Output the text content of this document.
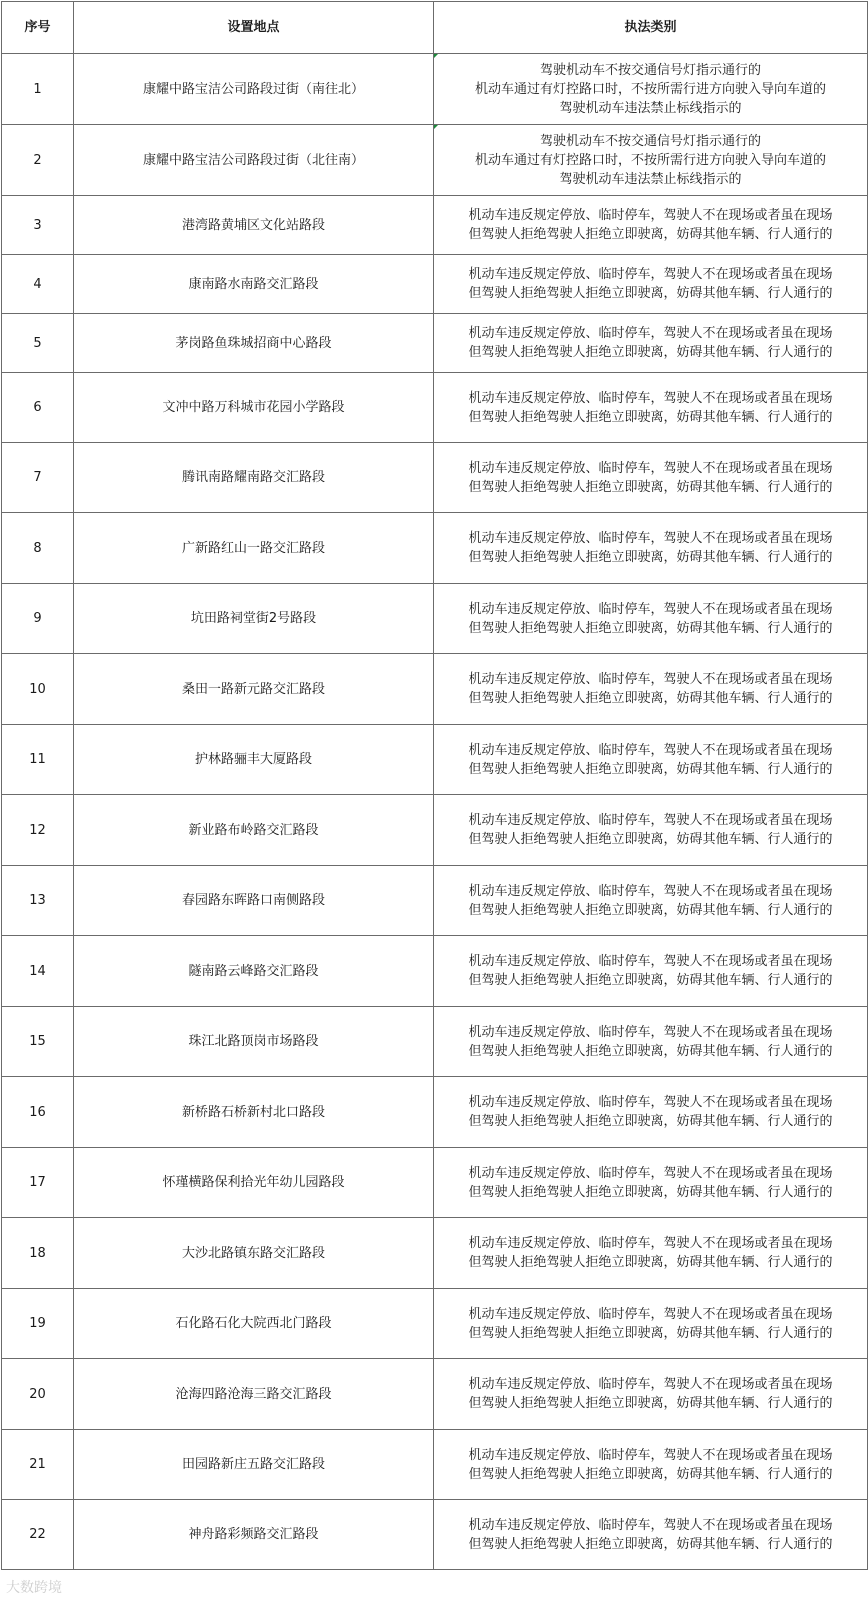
序号	设置地点	执法类别
1	康耀中路宝洁公司路段过街（南往北）	驾驶机动车不按交通信号灯指示通行的
机动车通过有灯控路口时，不按所需行进方向驶入导向车道的
驾驶机动车违法禁止标线指示的

2	康耀中路宝洁公司路段过街（北往南）	驾驶机动车不按交通信号灯指示通行的
机动车通过有灯控路口时，不按所需行进方向驶入导向车道的
驾驶机动车违法禁止标线指示的

3	港湾路黄埔区文化站路段	机动车违反规定停放、临时停车，驾驶人不在现场或者虽在现场
但驾驶人拒绝驾驶人拒绝立即驶离，妨碍其他车辆、行人通行的

4	康南路水南路交汇路段	机动车违反规定停放、临时停车，驾驶人不在现场或者虽在现场
但驾驶人拒绝驾驶人拒绝立即驶离，妨碍其他车辆、行人通行的

5	茅岗路鱼珠城招商中心路段	机动车违反规定停放、临时停车，驾驶人不在现场或者虽在现场
但驾驶人拒绝驾驶人拒绝立即驶离，妨碍其他车辆、行人通行的

6	文冲中路万科城市花园小学路段	机动车违反规定停放、临时停车，驾驶人不在现场或者虽在现场
但驾驶人拒绝驾驶人拒绝立即驶离，妨碍其他车辆、行人通行的

7	腾讯南路耀南路交汇路段	机动车违反规定停放、临时停车，驾驶人不在现场或者虽在现场
但驾驶人拒绝驾驶人拒绝立即驶离，妨碍其他车辆、行人通行的

8	广新路红山一路交汇路段	机动车违反规定停放、临时停车，驾驶人不在现场或者虽在现场
但驾驶人拒绝驾驶人拒绝立即驶离，妨碍其他车辆、行人通行的

9	坑田路祠堂街2号路段	机动车违反规定停放、临时停车，驾驶人不在现场或者虽在现场
但驾驶人拒绝驾驶人拒绝立即驶离，妨碍其他车辆、行人通行的

10	桑田一路新元路交汇路段	机动车违反规定停放、临时停车，驾驶人不在现场或者虽在现场
但驾驶人拒绝驾驶人拒绝立即驶离，妨碍其他车辆、行人通行的

11	护林路骊丰大厦路段	机动车违反规定停放、临时停车，驾驶人不在现场或者虽在现场
但驾驶人拒绝驾驶人拒绝立即驶离，妨碍其他车辆、行人通行的

12	新业路布岭路交汇路段	机动车违反规定停放、临时停车，驾驶人不在现场或者虽在现场
但驾驶人拒绝驾驶人拒绝立即驶离，妨碍其他车辆、行人通行的

13	春园路东晖路口南侧路段	机动车违反规定停放、临时停车，驾驶人不在现场或者虽在现场
但驾驶人拒绝驾驶人拒绝立即驶离，妨碍其他车辆、行人通行的

14	隧南路云峰路交汇路段	机动车违反规定停放、临时停车，驾驶人不在现场或者虽在现场
但驾驶人拒绝驾驶人拒绝立即驶离，妨碍其他车辆、行人通行的

15	珠江北路顶岗市场路段	机动车违反规定停放、临时停车，驾驶人不在现场或者虽在现场
但驾驶人拒绝驾驶人拒绝立即驶离，妨碍其他车辆、行人通行的

16	新桥路石桥新村北口路段	机动车违反规定停放、临时停车，驾驶人不在现场或者虽在现场
但驾驶人拒绝驾驶人拒绝立即驶离，妨碍其他车辆、行人通行的

17	怀瑾横路保利拾光年幼儿园路段	机动车违反规定停放、临时停车，驾驶人不在现场或者虽在现场
但驾驶人拒绝驾驶人拒绝立即驶离，妨碍其他车辆、行人通行的

18	大沙北路镇东路交汇路段	机动车违反规定停放、临时停车，驾驶人不在现场或者虽在现场
但驾驶人拒绝驾驶人拒绝立即驶离，妨碍其他车辆、行人通行的

19	石化路石化大院西北门路段	机动车违反规定停放、临时停车，驾驶人不在现场或者虽在现场
但驾驶人拒绝驾驶人拒绝立即驶离，妨碍其他车辆、行人通行的

20	沧海四路沧海三路交汇路段	机动车违反规定停放、临时停车，驾驶人不在现场或者虽在现场
但驾驶人拒绝驾驶人拒绝立即驶离，妨碍其他车辆、行人通行的

21	田园路新庄五路交汇路段	机动车违反规定停放、临时停车，驾驶人不在现场或者虽在现场
但驾驶人拒绝驾驶人拒绝立即驶离，妨碍其他车辆、行人通行的

22	神舟路彩频路交汇路段	机动车违反规定停放、临时停车，驾驶人不在现场或者虽在现场
但驾驶人拒绝驾驶人拒绝立即驶离，妨碍其他车辆、行人通行的
大数跨境
